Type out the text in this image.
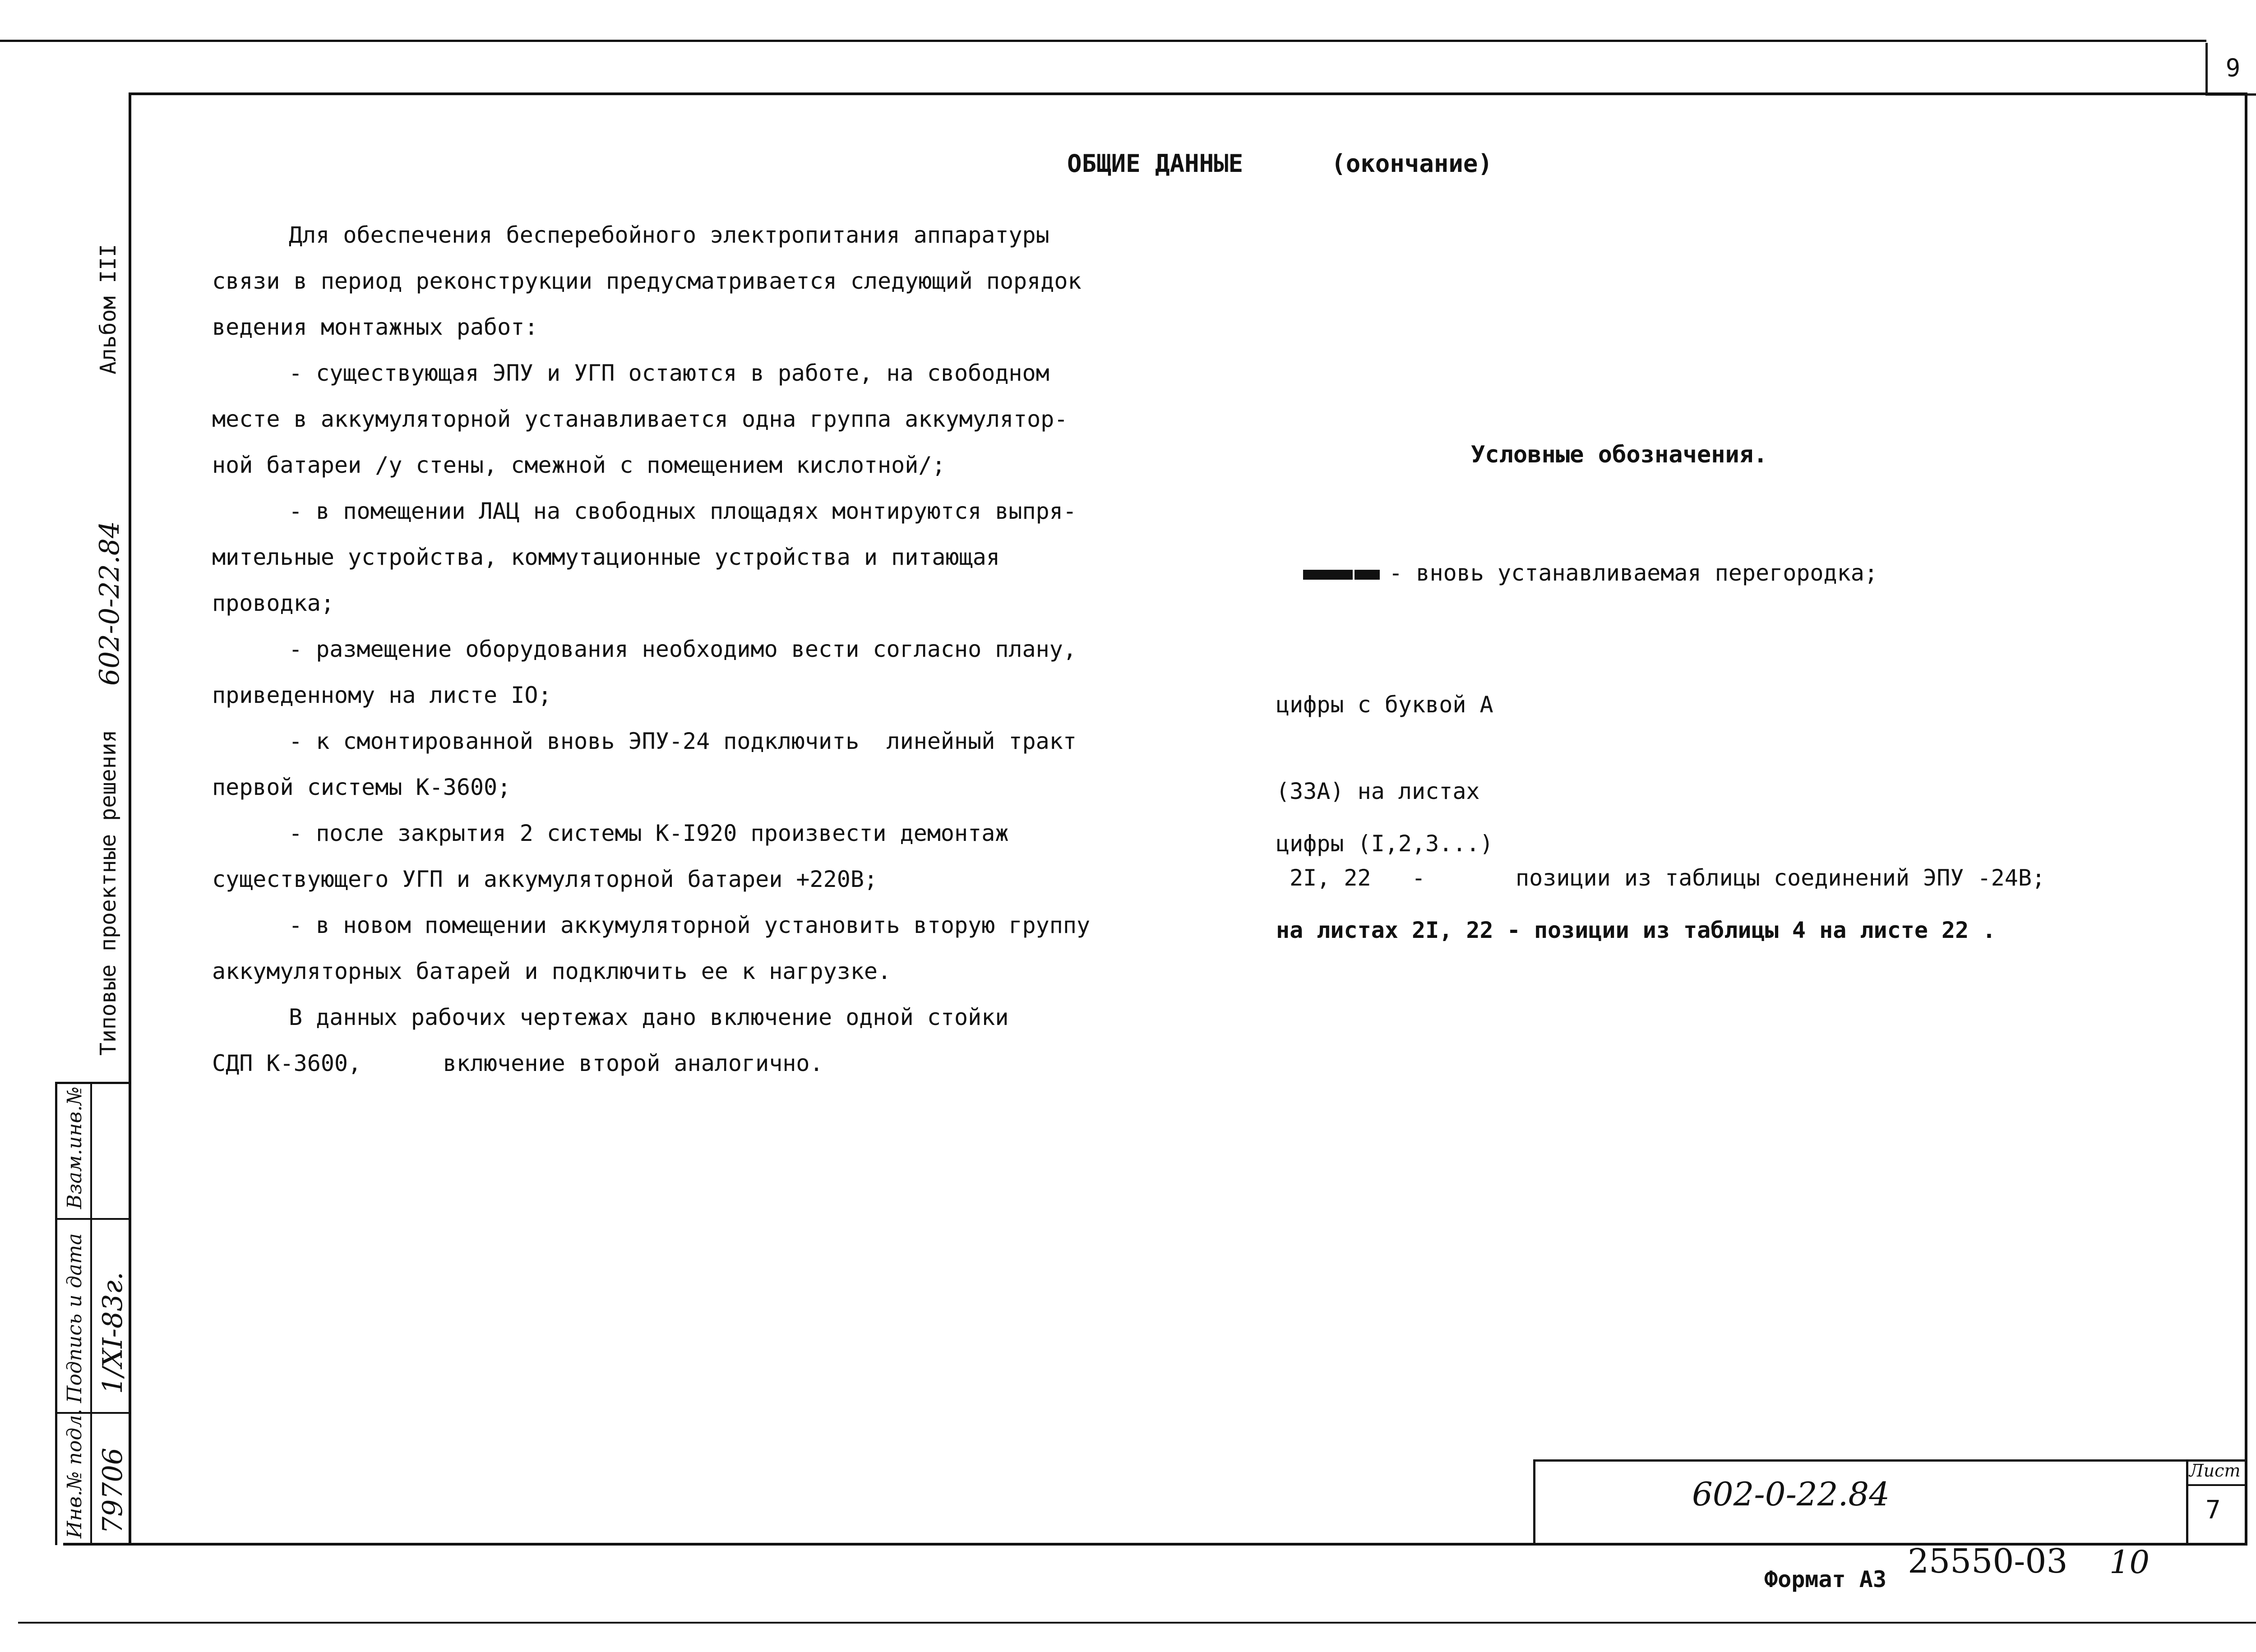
9

ОБЩИЕ ДАННЫЕ	(окончание)

Для обеспечения бесперебойного электропитания аппаратуры

связи в период реконструкции предусматривается следующий порядок

ведения монтажных работ:

- существующая ЭПУ и УГП остаются в работе, на свободном

месте в аккумуляторной устанавливается одна группа аккумулятор-

ной батареи /у стены, смежной с помещением кислотной/;

- в помещении ЛАЦ на свободных площадях монтируются выпря-

мительные устройства, коммутационные устройства и питающая

проводка;

- размещение оборудования необходимо вести согласно плану,

приведенному на листе IO;

- к смонтированной вновь ЭПУ-24 подключить  линейный тракт

первой системы К-3600;

- после закрытия 2 системы К-I920 произвести демонтаж

существующего УГП и аккумуляторной батареи +220В;

- в новом помещении аккумуляторной установить вторую группу

аккумуляторных батарей и подключить ее к нагрузке.

В данных рабочих чертежах дано включение одной стойки

СДП К-3600,      включение второй аналогично.

Условные обозначения.

- вновь устанавливаемая перегородка;

цифры с буквой А

(33А) на листах

2I, 22   -	позиции из таблицы соединений ЭПУ -24В;

цифры (I,2,3...)

на листах 2I, 22 - позиции из таблицы 4 на листе 22 .

Альбом III
602-0-22.84
Типовые проектные решения
Взам.инв.№
Подпись и дата 1/XI-83г.
Инв.№ подл. 79706	602-0-22.84
Лист
7
Формат А3 25550-03 10
